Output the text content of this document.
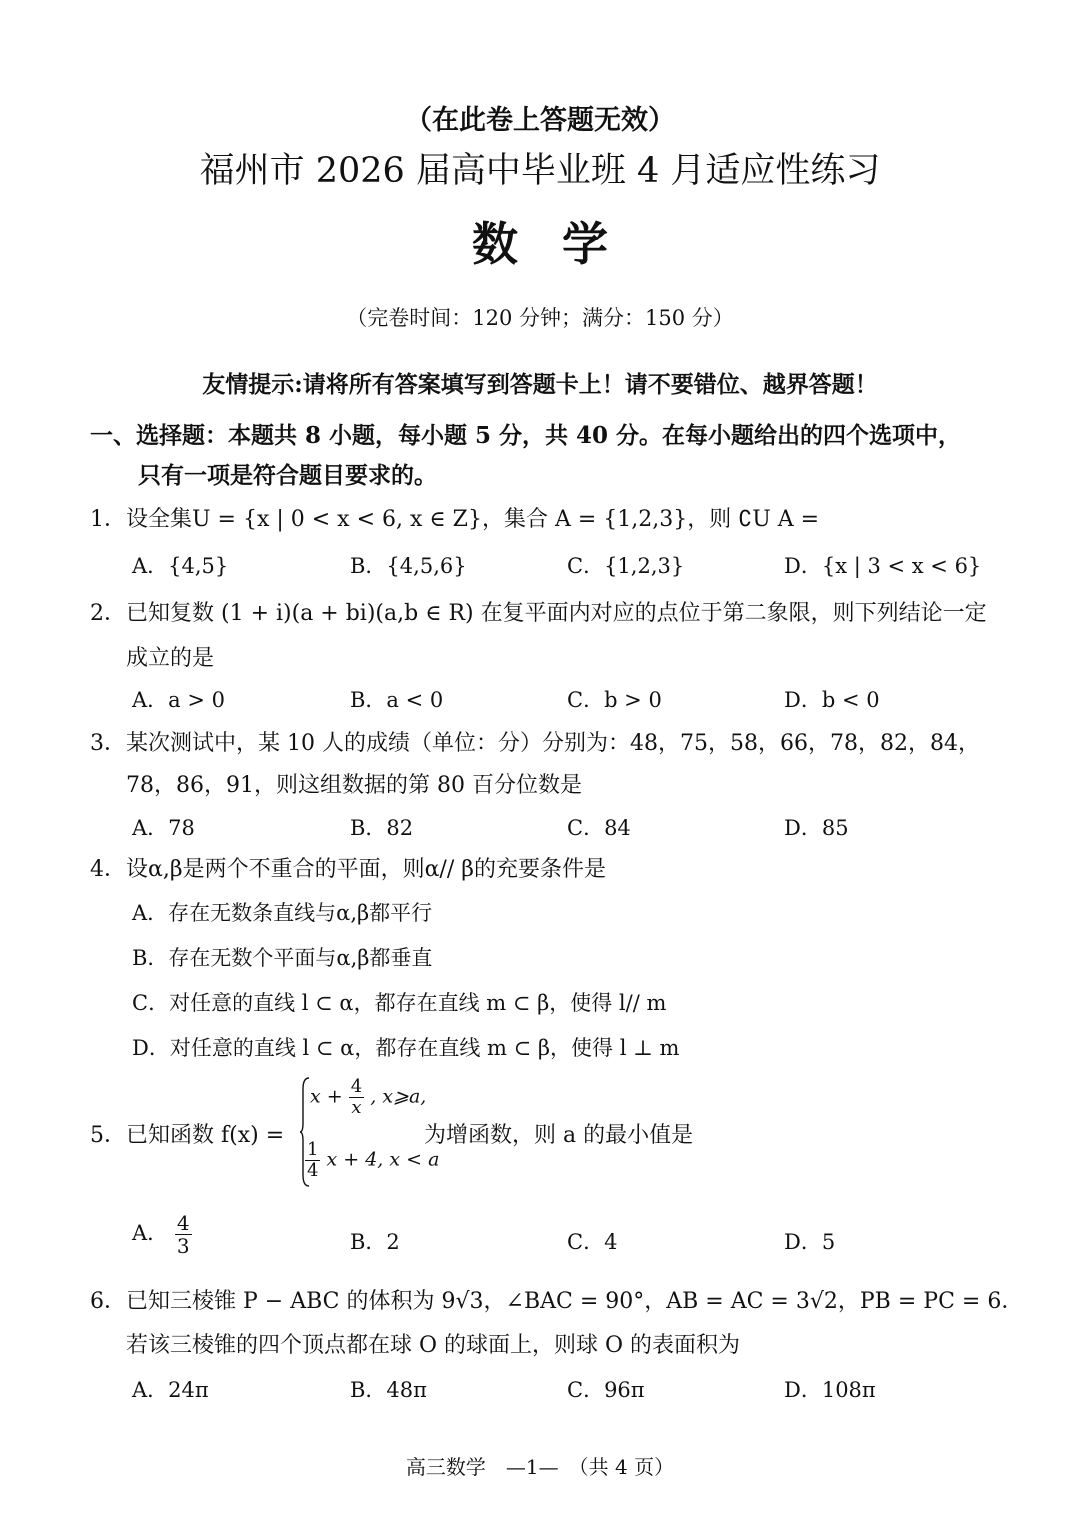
（在此卷上答题无效）
福州市 2026 届高中毕业班 4 月适应性练习
数学
（完卷时间：120 分钟；满分：150 分）
友情提示:请将所有答案填写到答题卡上！请不要错位、越界答题！
一、选择题：本题共 8 小题，每小题 5 分，共 40 分。在每小题给出的四个选项中，
只有一项是符合题目要求的。
1．设全集U = {x | 0 < x < 6, x ∈ Z}，集合 A = {1,2,3}，则 ∁U A =
A．{4,5}	B．{4,5,6}	C．{1,2,3}	D．{x | 3 < x < 6}
2．已知复数 (1 + i)(a + bi)(a,b ∈ R) 在复平面内对应的点位于第二象限，则下列结论一定
成立的是
A．a > 0	B．a < 0	C．b > 0	D．b < 0
3．某次测试中，某 10 人的成绩（单位：分）分别为：48，75，58，66，78，82，84，
78，86，91，则这组数据的第 80 百分位数是
A．78	B．82	C．84	D．85
4．设α,β是两个不重合的平面，则α// β的充要条件是
A．存在无数条直线与α,β都平行
B．存在无数个平面与α,β都垂直
C．对任意的直线 l ⊂ α，都存在直线 m ⊂ β，使得 l// m
D．对任意的直线 l ⊂ α，都存在直线 m ⊂ β，使得 l ⊥ m
5．已知函数 f(x) =
$x + \frac{4}{x}$ , x⩾a,
$\frac{1}{4}$ x + 4, x < a
为增函数，则 a 的最小值是
A． $\frac{4}{3}$	B．2	C．4	D．5
6．已知三棱锥 P − ABC 的体积为 9√3，∠BAC = 90°，AB = AC = 3√2，PB = PC = 6．
若该三棱锥的四个顶点都在球 O 的球面上，则球 O 的表面积为
A．24π	B．48π	C．96π	D．108π
高三数学　—1—　（共 4 页）
